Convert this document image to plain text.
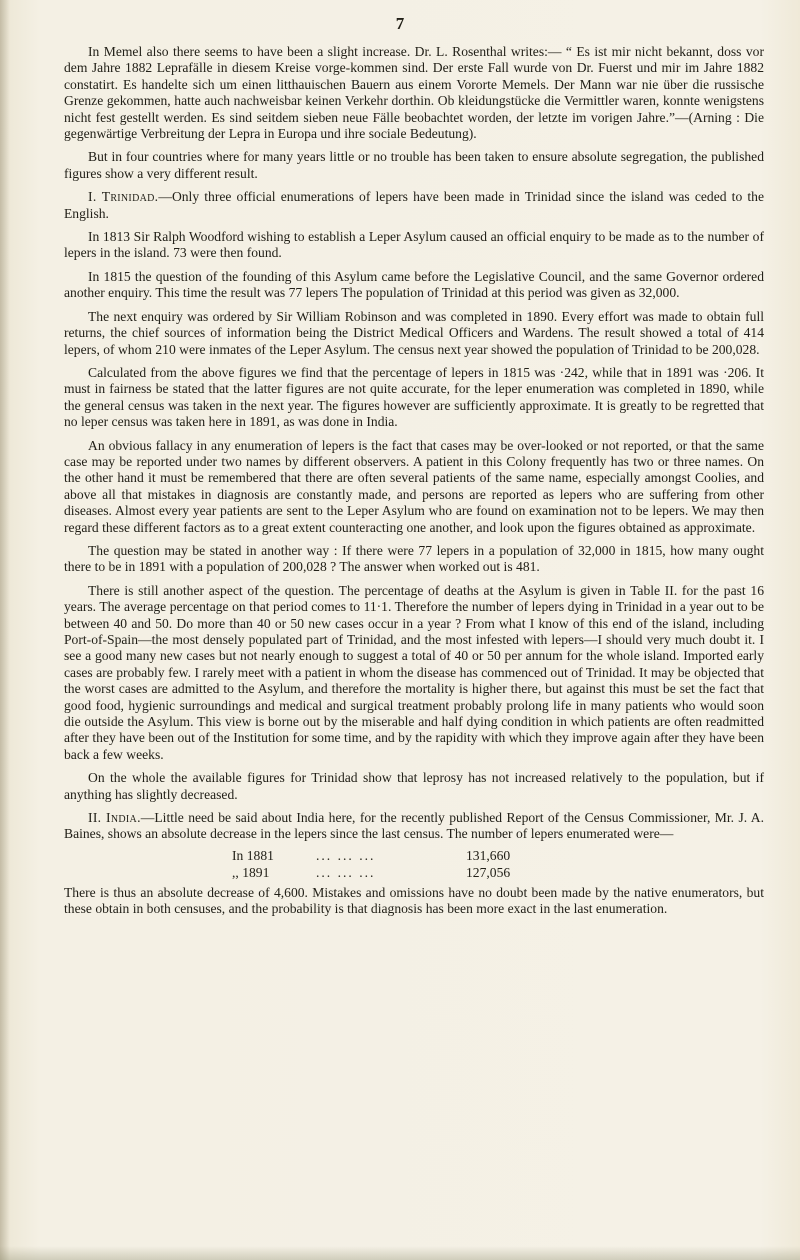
7

In Memel also there seems to have been a slight increase. Dr. L. Rosenthal writes:— “ Es ist mir nicht bekannt, doss vor dem Jahre 1882 Leprafälle in diesem Kreise vorge-kommen sind. Der erste Fall wurde von Dr. Fuerst und mir im Jahre 1882 constatirt. Es handelte sich um einen litthauischen Bauern aus einem Vororte Memels. Der Mann war nie über die russische Grenze gekommen, hatte auch nachweisbar keinen Verkehr dorthin. Ob kleidungstücke die Vermittler waren, konnte wenigstens nicht fest gestellt werden. Es sind seitdem sieben neue Fälle beobachtet worden, der letzte im vorigen Jahre.”—(Arning : Die gegenwärtige Verbreitung der Lepra in Europa und ihre sociale Bedeutung).

But in four countries where for many years little or no trouble has been taken to ensure absolute segregation, the published figures show a very different result.

I. Trinidad.—Only three official enumerations of lepers have been made in Trinidad since the island was ceded to the English.

In 1813 Sir Ralph Woodford wishing to establish a Leper Asylum caused an official enquiry to be made as to the number of lepers in the island. 73 were then found.

In 1815 the question of the founding of this Asylum came before the Legislative Council, and the same Governor ordered another enquiry. This time the result was 77 lepers The population of Trinidad at this period was given as 32,000.

The next enquiry was ordered by Sir William Robinson and was completed in 1890. Every effort was made to obtain full returns, the chief sources of information being the District Medical Officers and Wardens. The result showed a total of 414 lepers, of whom 210 were inmates of the Leper Asylum. The census next year showed the population of Trinidad to be 200,028.

Calculated from the above figures we find that the percentage of lepers in 1815 was ·242, while that in 1891 was ·206. It must in fairness be stated that the latter figures are not quite accurate, for the leper enumeration was completed in 1890, while the general census was taken in the next year. The figures however are sufficiently approximate. It is greatly to be regretted that no leper census was taken here in 1891, as was done in India.

An obvious fallacy in any enumeration of lepers is the fact that cases may be over-looked or not reported, or that the same case may be reported under two names by different observers. A patient in this Colony frequently has two or three names. On the other hand it must be remembered that there are often several patients of the same name, especially amongst Coolies, and above all that mistakes in diagnosis are constantly made, and persons are reported as lepers who are suffering from other diseases. Almost every year patients are sent to the Leper Asylum who are found on examination not to be lepers. We may then regard these different factors as to a great extent counteracting one another, and look upon the figures obtained as approximate.

The question may be stated in another way : If there were 77 lepers in a population of 32,000 in 1815, how many ought there to be in 1891 with a population of 200,028 ? The answer when worked out is 481.

There is still another aspect of the question. The percentage of deaths at the Asylum is given in Table II. for the past 16 years. The average percentage on that period comes to 11·1. Therefore the number of lepers dying in Trinidad in a year out to be between 40 and 50. Do more than 40 or 50 new cases occur in a year ? From what I know of this end of the island, including Port-of-Spain—the most densely populated part of Trinidad, and the most infested with lepers—I should very much doubt it. I see a good many new cases but not nearly enough to suggest a total of 40 or 50 per annum for the whole island. Imported early cases are probably few. I rarely meet with a patient in whom the disease has commenced out of Trinidad. It may be objected that the worst cases are admitted to the Asylum, and therefore the mortality is higher there, but against this must be set the fact that good food, hygienic surroundings and medical and surgical treatment probably prolong life in many patients who would soon die outside the Asylum. This view is borne out by the miserable and half dying condition in which patients are often readmitted after they have been out of the Institution for some time, and by the rapidity with which they improve again after they have been back a few weeks.

On the whole the available figures for Trinidad show that leprosy has not increased relatively to the population, but if anything has slightly decreased.

II. India.—Little need be said about India here, for the recently published Report of the Census Commissioner, Mr. J. A. Baines, shows an absolute decrease in the lepers since the last census. The number of lepers enumerated were—

In 1881	... ... ...	131,660
,, 1891	... ... ...	127,056

There is thus an absolute decrease of 4,600. Mistakes and omissions have no doubt been made by the native enumerators, but these obtain in both censuses, and the probability is that diagnosis has been more exact in the last enumeration.
